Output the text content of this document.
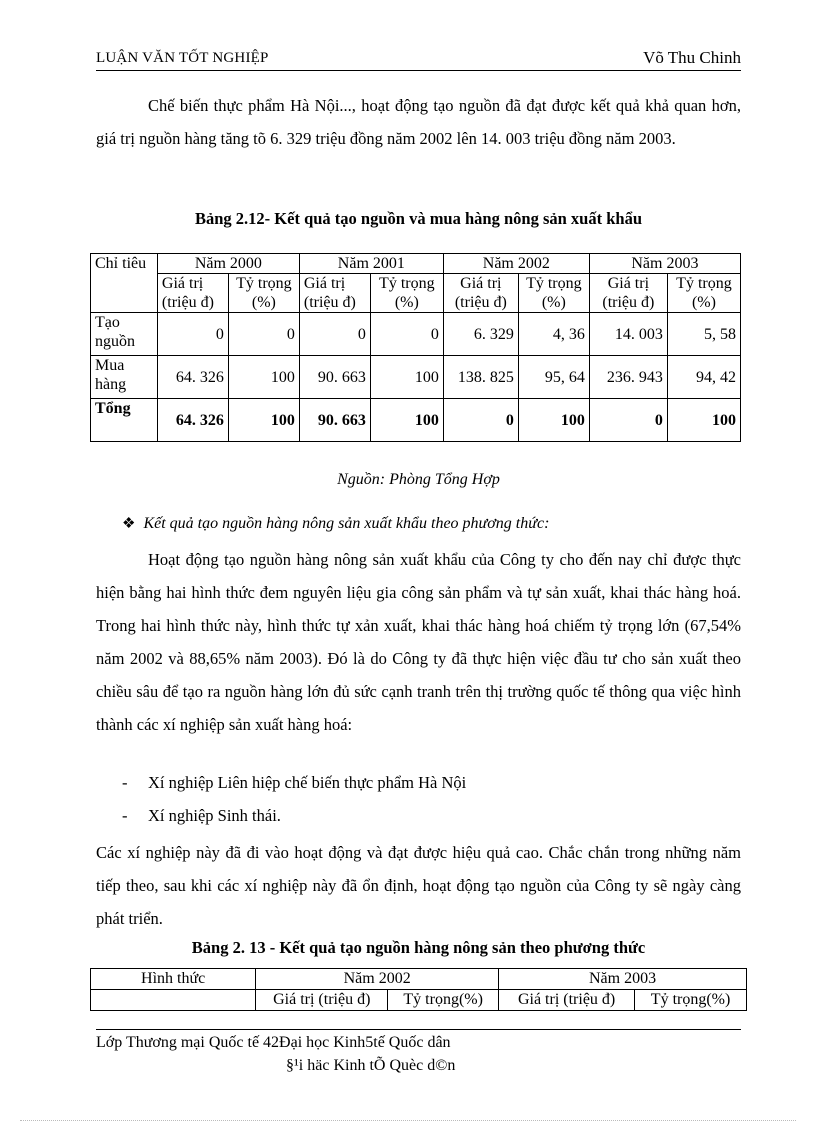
LUẬN VĂN TỐT NGHIỆP	Võ Thu Chinh
Chế biến thực phẩm Hà Nội..., hoạt động tạo nguồn đã đạt được kết quả khả quan hơn, giá trị nguồn hàng tăng tõ 6. 329 triệu đồng năm 2002 lên 14. 003 triệu đồng năm 2003.
Bảng 2.12- Kết quả tạo nguồn và mua hàng nông sản xuất khẩu
Chỉ tiêu	Năm 2000		Năm 2001		Năm 2002		Năm 2003	
	Giá trị (triệu đ)	Tỷ trọng (%)	Giá trị (triệu đ)	Tỷ trọng (%)	Giá trị (triệu đ)	Tỷ trọng (%)	Giá trị (triệu đ)	Tỷ trọng (%)
Tạo nguồn	0	0	0	0	6. 329	4, 36	14. 003	5, 58
Mua hàng	64. 326	100	90. 663	100	138. 825	95, 64	236. 943	94, 42
Tổng	64. 326	100	90. 663	100	0	100	0	100
Nguồn: Phòng Tổng Hợp
❖ Kết quả tạo nguồn hàng nông sản xuất khẩu theo phương thức:
Hoạt động tạo nguồn hàng nông sản xuất khẩu của Công ty cho đến nay chỉ được thực hiện bằng hai hình thức đem nguyên liệu gia công sản phẩm và tự sản xuất, khai thác hàng hoá. Trong hai hình thức này, hình thức tự xản xuất, khai thác hàng hoá chiếm tỷ trọng lớn (67,54% năm 2002 và 88,65% năm 2003). Đó là do Công ty đã thực hiện việc đầu tư cho sản xuất theo chiều sâu để tạo ra nguồn hàng lớn đủ sức cạnh tranh trên thị trường quốc tế thông qua việc hình thành các xí nghiệp sản xuất hàng hoá:
- Xí nghiệp Liên hiệp chế biến thực phẩm Hà Nội
- Xí nghiệp Sinh thái.
Các xí nghiệp này đã đi vào hoạt động và đạt được hiệu quả cao. Chắc chắn trong những năm tiếp theo, sau khi các xí nghiệp này đã ổn định, hoạt động tạo nguồn của Công ty sẽ ngày càng phát triển.
Bảng 2. 13 - Kết quả tạo nguồn hàng nông sản theo phương thức
Hình thức	Năm 2002		Năm 2003	
	Giá trị (triệu đ)	Tỷ trọng(%)	Giá trị (triệu đ)	Tỷ trọng(%)
Lớp Thương mại Quốc tế 42Đại học Kinh5tế Quốc dân
§¹i häc Kinh tÕ Quèc d©n
